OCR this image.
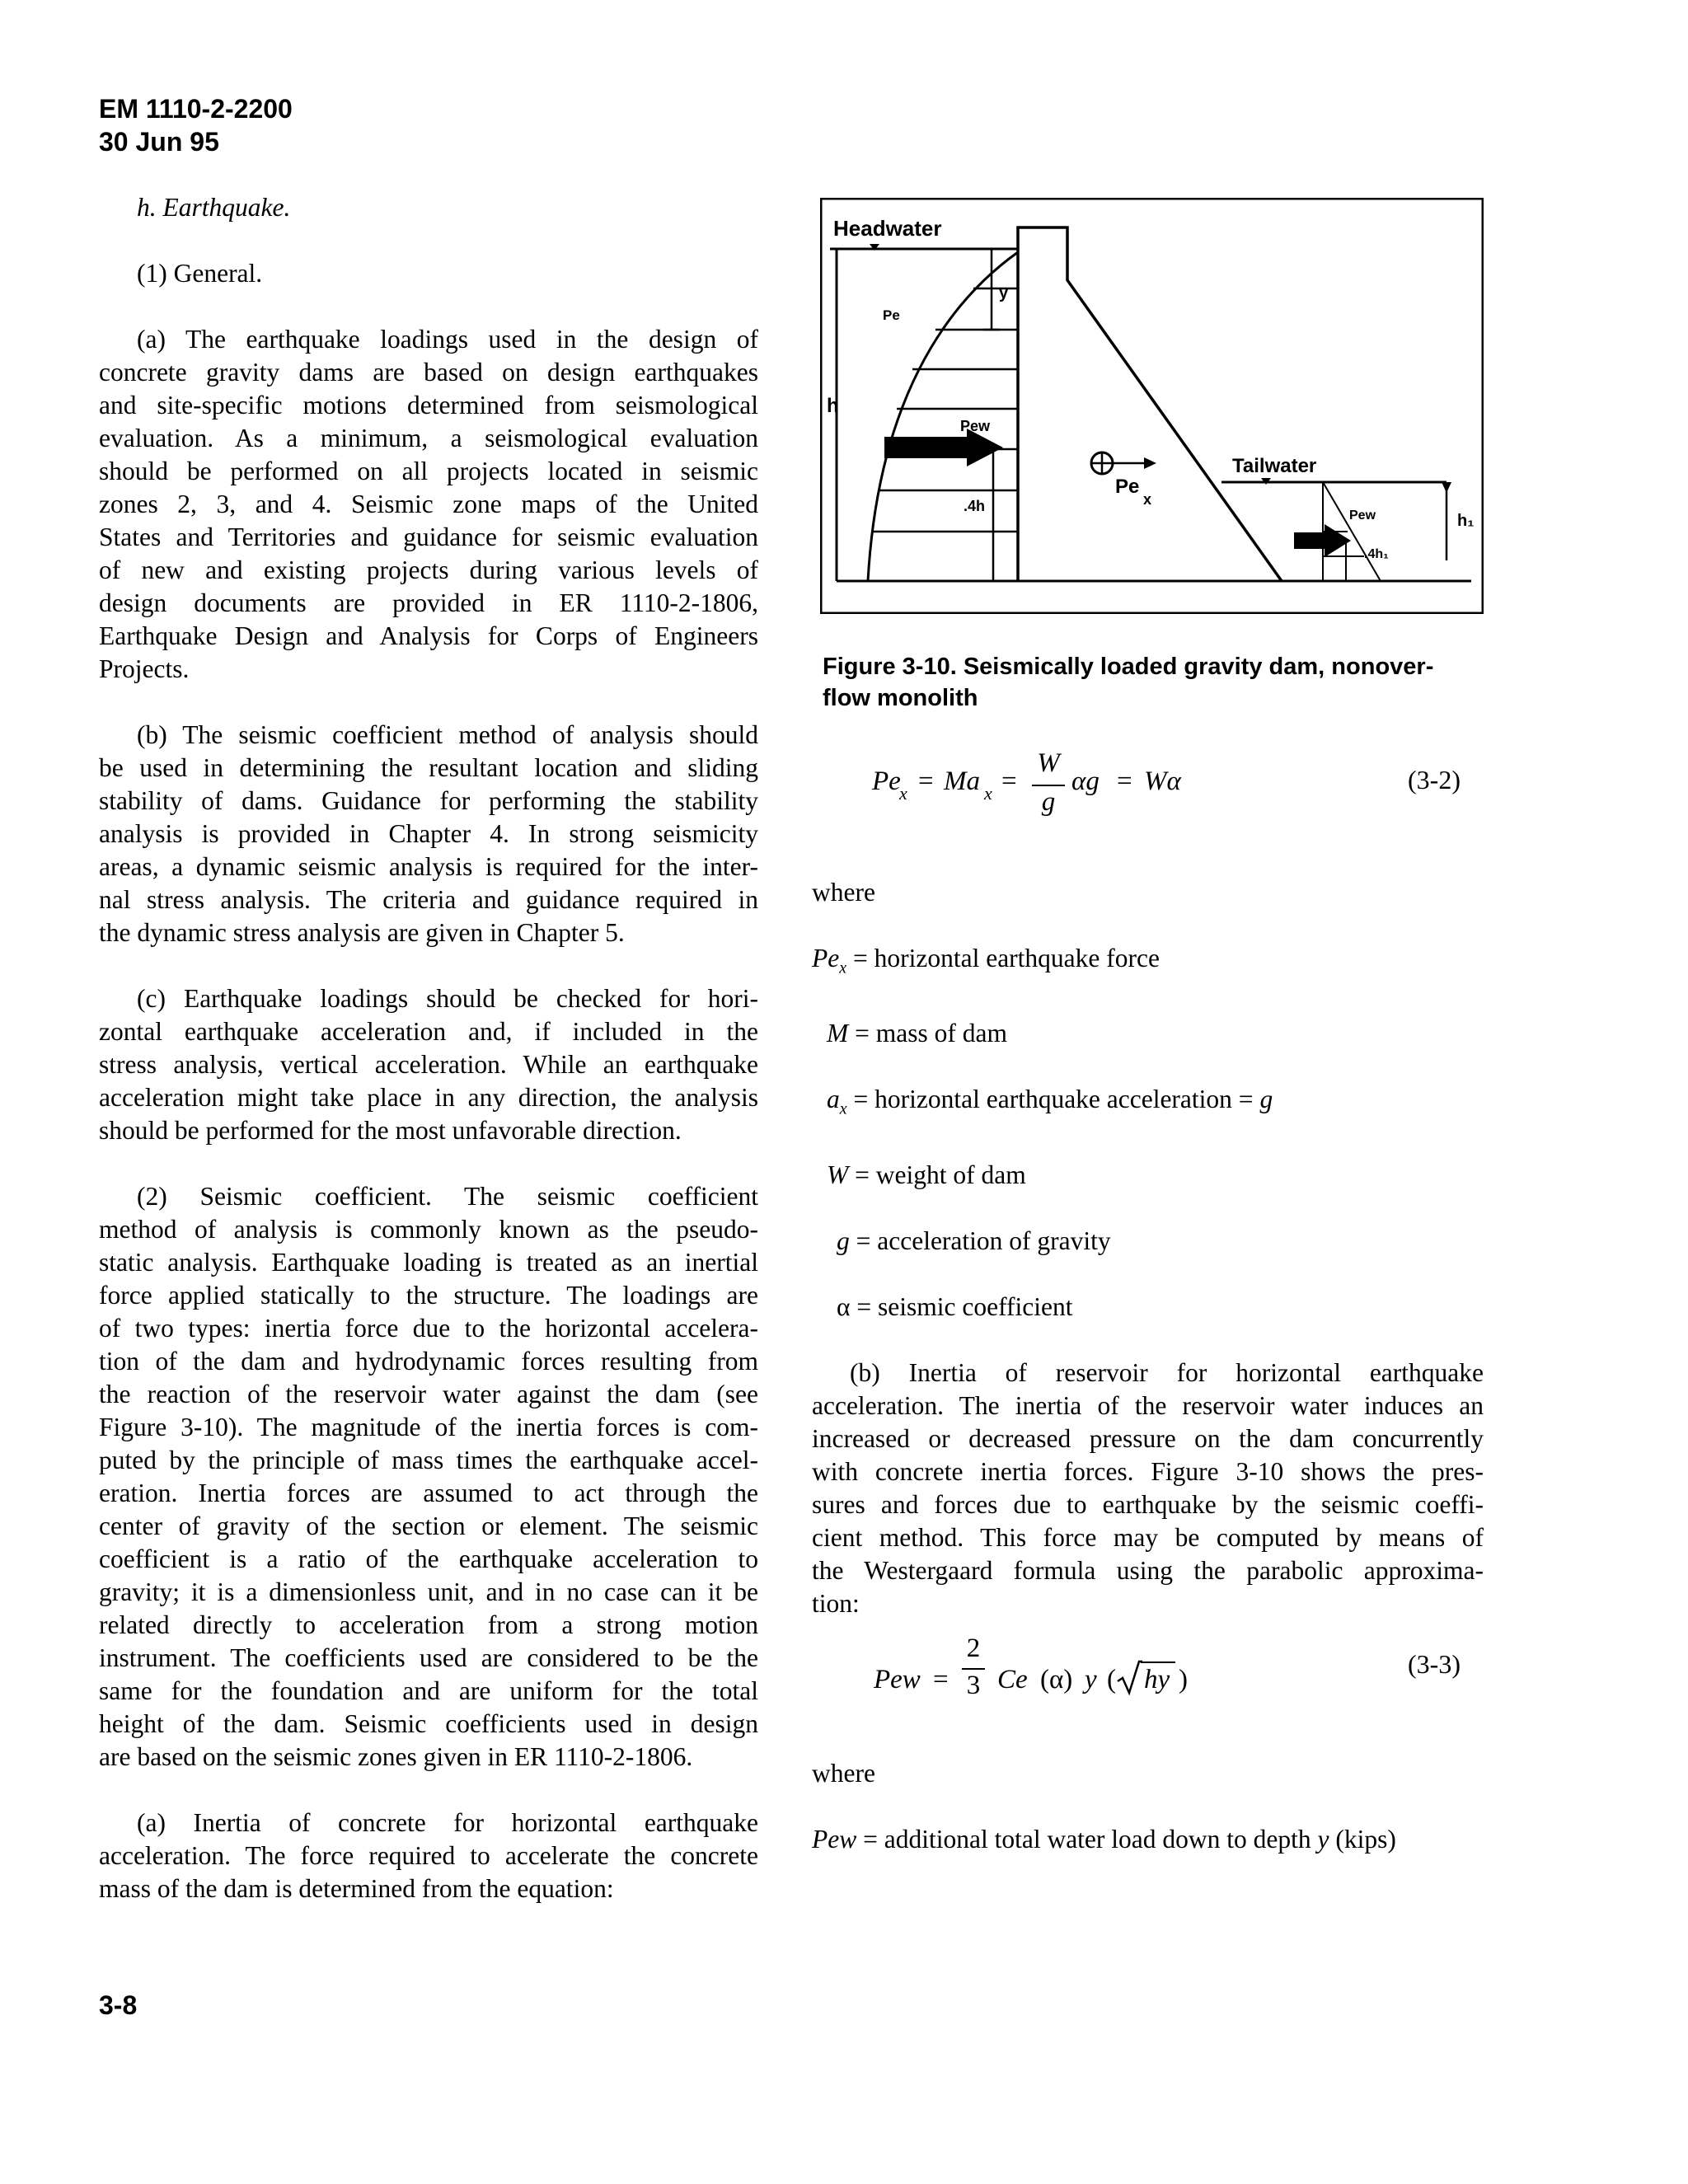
EM 1110-2-2200
30 Jun 95

h. Earthquake.

(1) General.

(a) The earthquake loadings used in the design of

concrete gravity dams are based on design earthquakes

and site-specific motions determined from seismological

evaluation. As a minimum, a seismological evaluation

should be performed on all projects located in seismic

zones 2, 3, and 4. Seismic zone maps of the United

States and Territories and guidance for seismic evaluation

of new and existing projects during various levels of

design documents are provided in ER 1110-2-1806,

Earthquake Design and Analysis for Corps of Engineers

Projects.

(b) The seismic coefficient method of analysis should

be used in determining the resultant location and sliding

stability of dams. Guidance for performing the stability

analysis is provided in Chapter 4. In strong seismicity

areas, a dynamic seismic analysis is required for the inter-

nal stress analysis. The criteria and guidance required in

the dynamic stress analysis are given in Chapter 5.

(c) Earthquake loadings should be checked for hori-

zontal earthquake acceleration and, if included in the

stress analysis, vertical acceleration. While an earthquake

acceleration might take place in any direction, the analysis

should be performed for the most unfavorable direction.

(2) Seismic coefficient. The seismic coefficient

method of analysis is commonly known as the pseudo-

static analysis. Earthquake loading is treated as an inertial

force applied statically to the structure. The loadings are

of two types: inertia force due to the horizontal accelera-

tion of the dam and hydrodynamic forces resulting from

the reaction of the reservoir water against the dam (see

Figure 3-10). The magnitude of the inertia forces is com-

puted by the principle of mass times the earthquake accel-

eration. Inertia forces are assumed to act through the

center of gravity of the section or element. The seismic

coefficient is a ratio of the earthquake acceleration to

gravity; it is a dimensionless unit, and in no case can it be

related directly to acceleration from a strong motion

instrument. The coefficients used are considered to be the

same for the foundation and are uniform for the total

height of the dam. Seismic coefficients used in design

are based on the seismic zones given in ER 1110-2-1806.

(a) Inertia of concrete for horizontal earthquake

acceleration. The force required to accelerate the concrete

mass of the dam is determined from the equation:

Headwater
h
Pe
y
Pew
.4h
Pe
x
Tailwater
Pew
.4h₁
h₁
Figure 3-10. Seismically loaded gravity dam, nonover-
flow monolith
Pe
x = Ma x =
W
g
αg = Wα	(3-2)

where

$Pe_x$ = horizontal earthquake force

M = mass of dam

$a_x$ = horizontal earthquake acceleration = g

W = weight of dam

g = acceleration of gravity

α = seismic coefficient

(b) Inertia of reservoir for horizontal earthquake

acceleration. The inertia of the reservoir water induces an

increased or decreased pressure on the dam concurrently

with concrete inertia forces. Figure 3-10 shows the pres-

sures and forces due to earthquake by the seismic coeffi-

cient method. This force may be computed by means of

the Westergaard formula using the parabolic approxima-

tion:

Pew =
2
3 Ce (α) y ( hy )
(3-3)

where

Pew = additional total water load down to depth y (kips)

3-8
